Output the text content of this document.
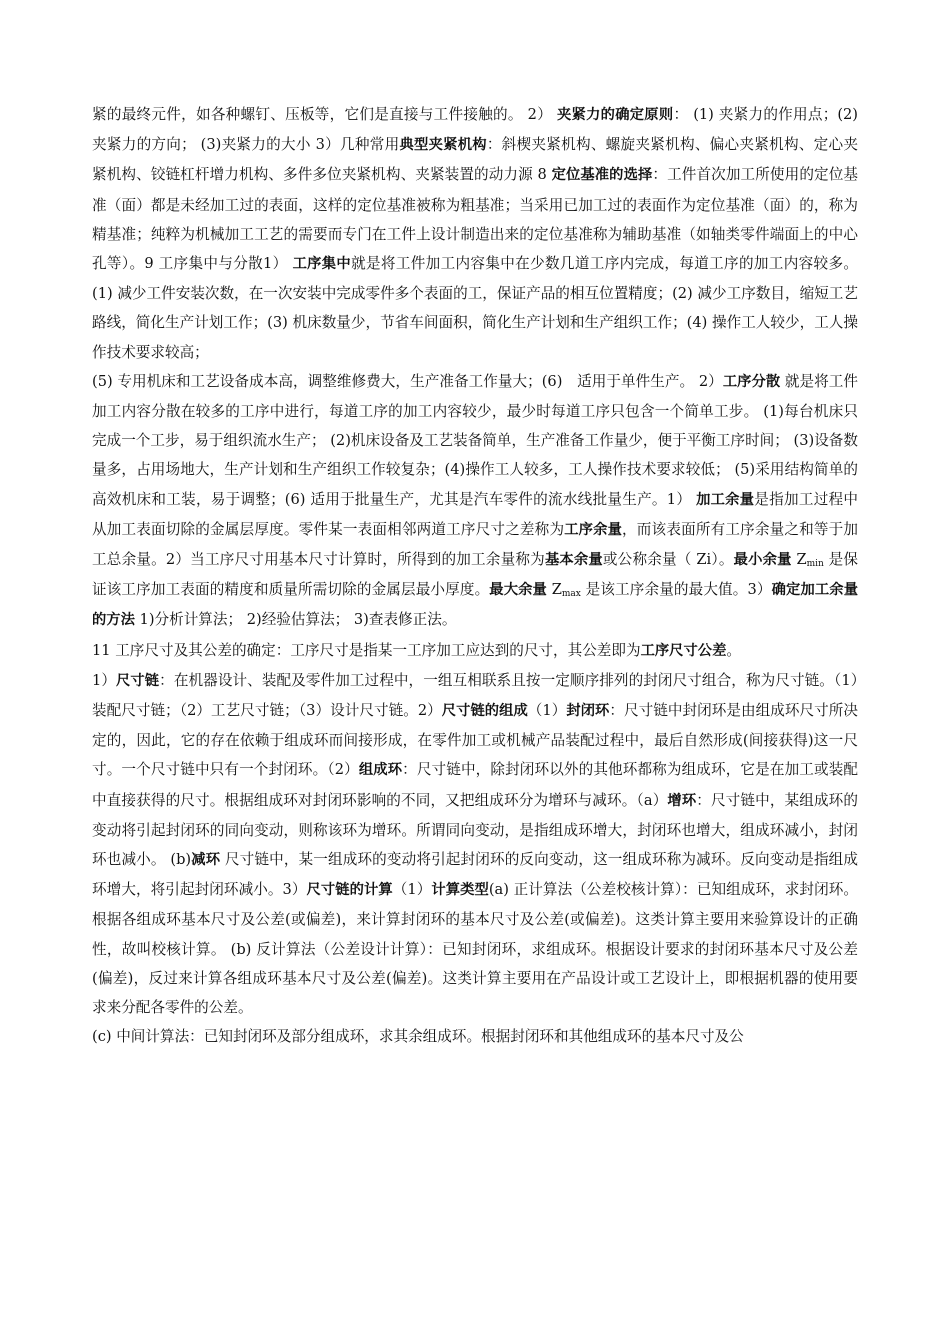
紧的最终元件，如各种螺钉、压板等，它们是直接与工件接触的。 2） 夹紧力的确定原则： (1) 夹紧力的作用点；(2)夹紧力的方向； (3)夹紧力的大小 3）几种常用典型夹紧机构：斜楔夹紧机构、螺旋夹紧机构、偏心夹紧机构、定心夹紧机构、铰链杠杆增力机构、多件多位夹紧机构、夹紧装置的动力源 8 定位基准的选择：工件首次加工所使用的定位基准（面）都是未经加工过的表面，这样的定位基准被称为粗基准；当采用已加工过的表面作为定位基准（面）的，称为精基准；纯粹为机械加工工艺的需要而专门在工件上设计制造出来的定位基准称为辅助基准（如轴类零件端面上的中心孔等）。9 工序集中与分散1） 工序集中就是将工件加工内容集中在少数几道工序内完成，每道工序的加工内容较多。 (1) 减少工件安装次数，在一次安装中完成零件多个表面的工，保证产品的相互位置精度；(2) 减少工序数目，缩短工艺路线，简化生产计划工作；(3) 机床数量少，节省车间面积，简化生产计划和生产组织工作；(4) 操作工人较少，工人操作技术要求较高；

(5) 专用机床和工艺设备成本高，调整维修费大，生产准备工作量大；(6)　适用于单件生产。 2）工序分散 就是将工件加工内容分散在较多的工序中进行，每道工序的加工内容较少，最少时每道工序只包含一个简单工步。 (1)每台机床只完成一个工步，易于组织流水生产； (2)机床设备及工艺装备简单，生产准备工作量少，便于平衡工序时间； (3)设备数量多，占用场地大，生产计划和生产组织工作较复杂；(4)操作工人较多，工人操作技术要求较低； (5)采用结构简单的高效机床和工装，易于调整；(6) 适用于批量生产，尤其是汽车零件的流水线批量生产。1） 加工余量是指加工过程中从加工表面切除的金属层厚度。零件某一表面相邻两道工序尺寸之差称为工序余量，而该表面所有工序余量之和等于加工总余量。2）当工序尺寸用基本尺寸计算时，所得到的加工余量称为基本余量或公称余量（ Zi）。最小余量 $Z_{min}$ 是保证该工序加工表面的精度和质量所需切除的金属层最小厚度。最大余量 $Z_{max}$ 是该工序余量的最大值。3）确定加工余量的方法 1)分析计算法； 2)经验估算法； 3)查表修正法。

11 工序尺寸及其公差的确定：工序尺寸是指某一工序加工应达到的尺寸，其公差即为工序尺寸公差。

1）尺寸链：在机器设计、装配及零件加工过程中，一组互相联系且按一定顺序排列的封闭尺寸组合，称为尺寸链。（1）装配尺寸链；（2）工艺尺寸链；（3）设计尺寸链。2）尺寸链的组成（1）封闭环：尺寸链中封闭环是由组成环尺寸所决定的，因此，它的存在依赖于组成环而间接形成，在零件加工或机械产品装配过程中，最后自然形成(间接获得)这一尺寸。一个尺寸链中只有一个封闭环。（2）组成环：尺寸链中，除封闭环以外的其他环都称为组成环，它是在加工或装配中直接获得的尺寸。根据组成环对封闭环影响的不同，又把组成环分为增环与减环。（a）增环：尺寸链中，某组成环的变动将引起封闭环的同向变动，则称该环为增环。所谓同向变动，是指组成环增大，封闭环也增大，组成环减小，封闭环也减小。 (b)减环 尺寸链中，某一组成环的变动将引起封闭环的反向变动，这一组成环称为减环。反向变动是指组成环增大，将引起封闭环减小。3）尺寸链的计算（1）计算类型(a) 正计算法（公差校核计算）：已知组成环，求封闭环。根据各组成环基本尺寸及公差(或偏差)，来计算封闭环的基本尺寸及公差(或偏差)。这类计算主要用来验算设计的正确性，故叫校核计算。 (b) 反计算法（公差设计计算）：已知封闭环，求组成环。根据设计要求的封闭环基本尺寸及公差(偏差)，反过来计算各组成环基本尺寸及公差(偏差)。这类计算主要用在产品设计或工艺设计上，即根据机器的使用要求来分配各零件的公差。

(c) 中间计算法：已知封闭环及部分组成环，求其余组成环。根据封闭环和其他组成环的基本尺寸及公
